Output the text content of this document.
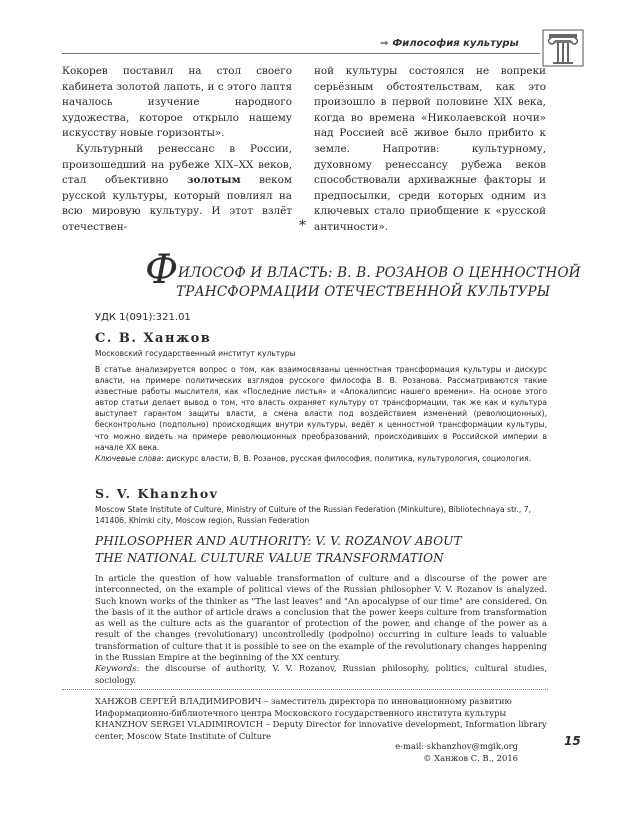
⇒ Философия культуры

Кокорев поставил на стол своего кабинета золотой лапоть, и с этого лаптя началось изучение народного художества, которое открыло нашему искусству новые горизонты».

Культурный ренессанс в России, произошедший на рубеже XIX–XX веков, стал объективно золотым веком русской культуры, который повлиял на всю мировую культуру. И этот взлёт отечествен-

ной культуры состоялся не вопреки серьёзным обстоятельствам, как это произошло в первой половине XIX века, когда во времена «Николаевской ночи» над Россией всё живое было прибито к земле. Напротив: культурному, духовному ренессансу рубежа веков способствовали архиважные факторы и предпосылки, среди которых одним из ключевых стало приобщение к «русской античности».

*
Ф ИЛОСОФ И ВЛАСТЬ: В. В. РОЗАНОВ О ЦЕННОСТНОЙ
ТРАНСФОРМАЦИИ ОТЕЧЕСТВЕННОЙ КУЛЬТУРЫ
УДК 1(091):321.01
С. В. Ханжов
Московский государственный институт культуры

В статье анализируется вопрос о том, как взаимосвязаны ценностная трансформация культуры и дискурс власти, на примере политических взглядов русского философа В. В. Розанова. Рассматриваются такие известные работы мыслителя, как «Последние листья» и «Апокалипсис нашего времени». На основе этого автор статьи делает вывод о том, что власть охраняет культуру от трансформации, так же как и культура выступает гарантом защиты власти, а смена власти под воздействием изменений (революционных), бесконтрольно (подпольно) происходящих внутри культуры, ведёт к ценностной трансформации культуры, что можно видеть на примере революционных преобразований, происходивших в Российской империи в начале XX века.

Ключевые слова: дискурс власти, В. В. Розанов, русская философия, политика, культурология, социология.

S. V. Khanzhov
Moscow State Institute of Culture, Ministry of Culture of the Russian Federation (Minkulture), Bibliotechnaya str., 7, 141406, Khimki city, Moscow region, Russian Federation
PHILOSOPHER AND AUTHORITY: V. V. ROZANOV ABOUT
THE NATIONAL CULTURE VALUE TRANSFORMATION

In article the question of how valuable transformation of culture and a discourse of the power are interconnected, on the example of political views of the Russian philosopher V. V. Rozanov is analyzed. Such known works of the thinker as "The last leaves" and "An apocalypse of our time" are considered. On the basis of it the author of article draws a conclusion that the power keeps culture from transformation as well as the culture acts as the guarantor of protection of the power, and change of the power as a result of the changes (revolutionary) uncontrolledly (podpolno) occurring in culture leads to valuable transformation of culture that it is possible to see on the example of the revolutionary changes happening in the Russian Empire at the beginning of the XX century.

Keywords: the discourse of authority, V. V. Rozanov, Russian philosophy, politics, cultural studies, sociology.

ХАНЖОВ СЕРГЕЙ ВЛАДИМИРОВИЧ – заместитель директора по инновационному развитию Информационно-библиотечного центра Московского государственного института культуры

KHANZHOV SERGEI VLADIMIROVICH – Deputy Director for innovative development, Information library center, Moscow State Institute of Culture

e-mail: skhanzhov@mgik.org
© Ханжов С. В., 2016
15
